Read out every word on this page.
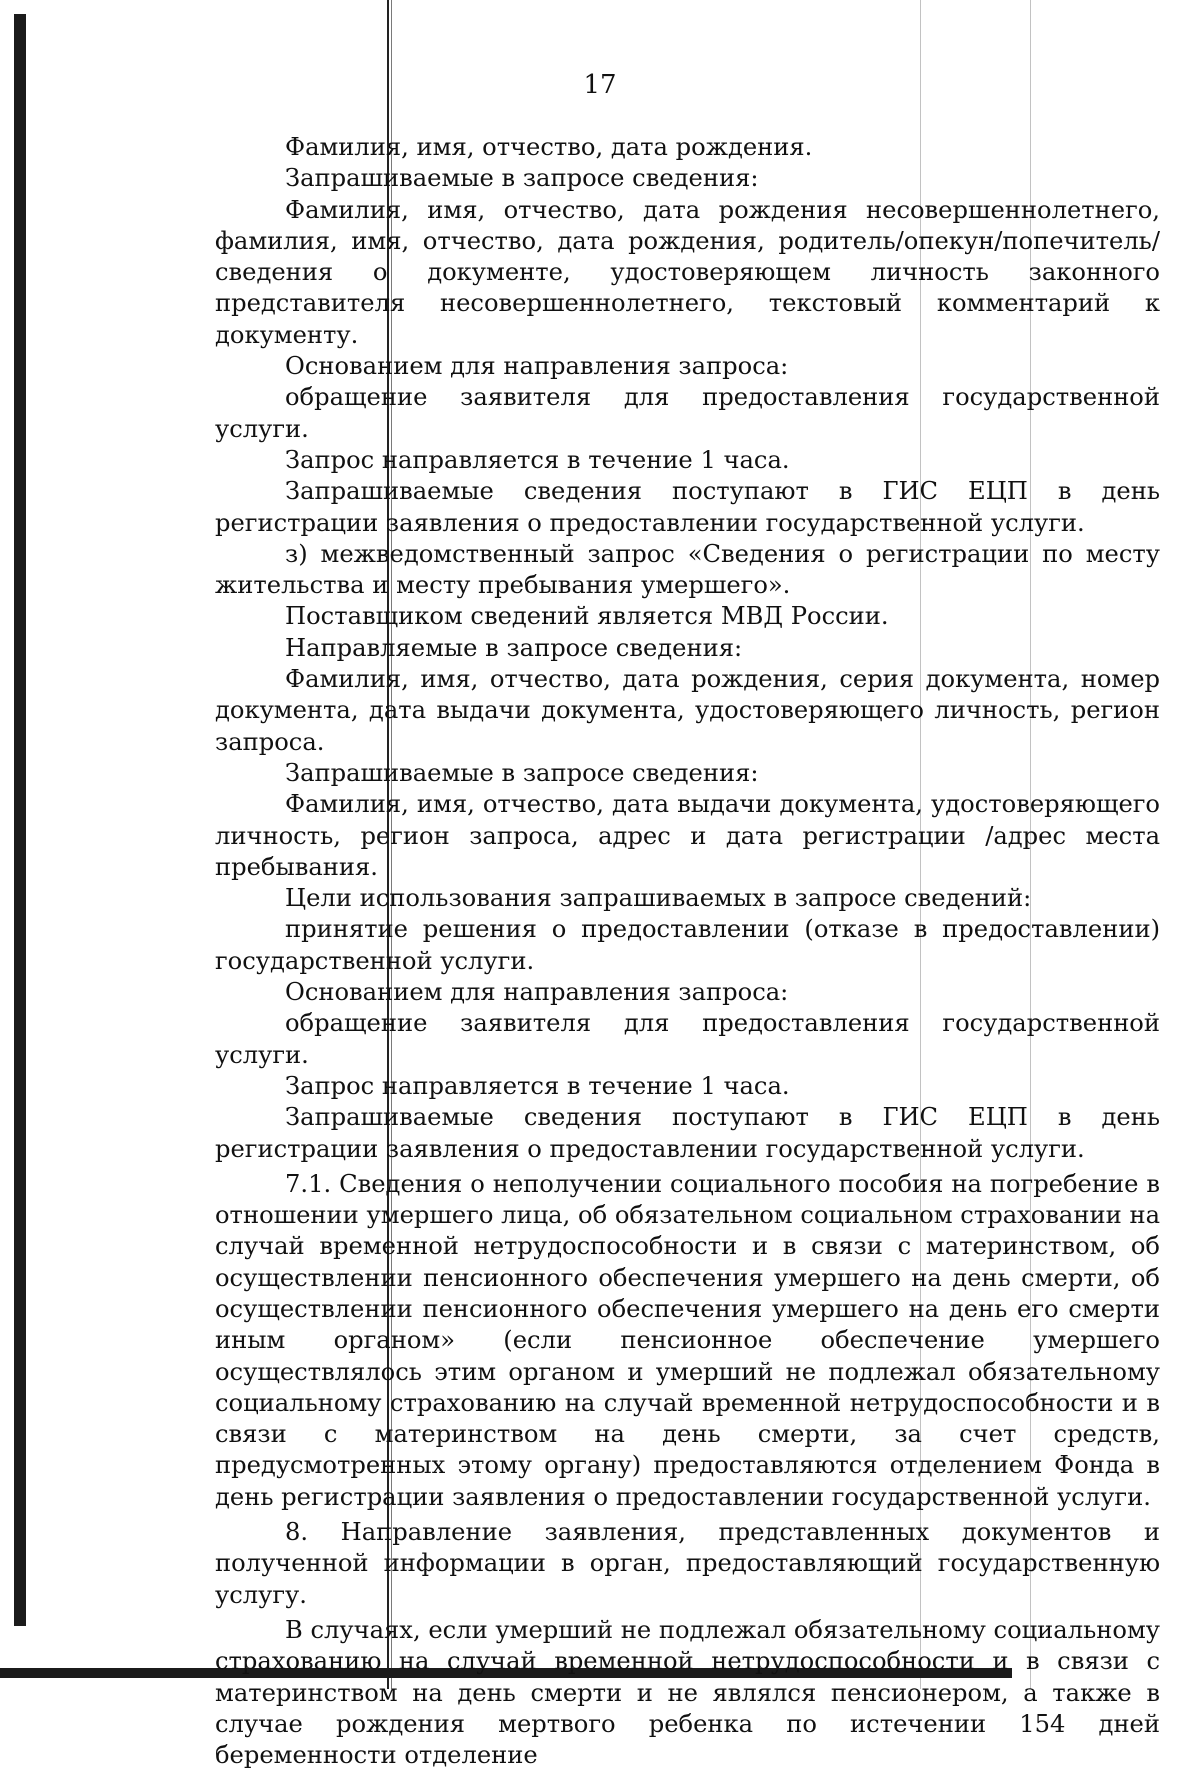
17

Фамилия, имя, отчество, дата рождения.

Запрашиваемые в запросе сведения:

Фамилия, имя, отчество, дата рождения несовершеннолетнего, фамилия, имя, отчество, дата рождения, родитель/опекун/попечитель/ сведения о документе, удостоверяющем личность законного представителя несовершеннолетнего, текстовый комментарий к документу.

Основанием для направления запроса:

обращение заявителя для предоставления государственной услуги.

Запрос направляется в течение 1 часа.

Запрашиваемые сведения поступают в ГИС ЕЦП в день регистрации заявления о предоставлении государственной услуги.

з) межведомственный запрос «Сведения о регистрации по месту жительства и месту пребывания умершего».

Поставщиком сведений является МВД России.

Направляемые в запросе сведения:

Фамилия, имя, отчество, дата рождения, серия документа, номер документа, дата выдачи документа, удостоверяющего личность, регион запроса.

Запрашиваемые в запросе сведения:

Фамилия, имя, отчество, дата выдачи документа, удостоверяющего личность, регион запроса, адрес и дата регистрации /адрес места пребывания.

Цели использования запрашиваемых в запросе сведений:

принятие решения о предоставлении (отказе в предоставлении) государственной услуги.

Основанием для направления запроса:

обращение заявителя для предоставления государственной услуги.

Запрос направляется в течение 1 часа.

Запрашиваемые сведения поступают в ГИС ЕЦП в день регистрации заявления о предоставлении государственной услуги.

7.1. Сведения о неполучении социального пособия на погребение в отношении умершего лица, об обязательном социальном страховании на случай временной нетрудоспособности и в связи с материнством, об осуществлении пенсионного обеспечения умершего на день смерти, об осуществлении пенсионного обеспечения умершего на день его смерти иным органом» (если пенсионное обеспечение умершего осуществлялось этим органом и умерший не подлежал обязательному социальному страхованию на случай временной нетрудоспособности и в связи с материнством на день смерти, за счет средств, предусмотренных этому органу) предоставляются отделением Фонда в день регистрации заявления о предоставлении государственной услуги.

8. Направление заявления, представленных документов и полученной информации в орган, предоставляющий государственную услугу.

В случаях, если умерший не подлежал обязательному социальному страхованию на случай временной нетрудоспособности и в связи с материнством на день смерти и не являлся пенсионером, а также в случае рождения мертвого ребенка по истечении 154 дней беременности отделение
